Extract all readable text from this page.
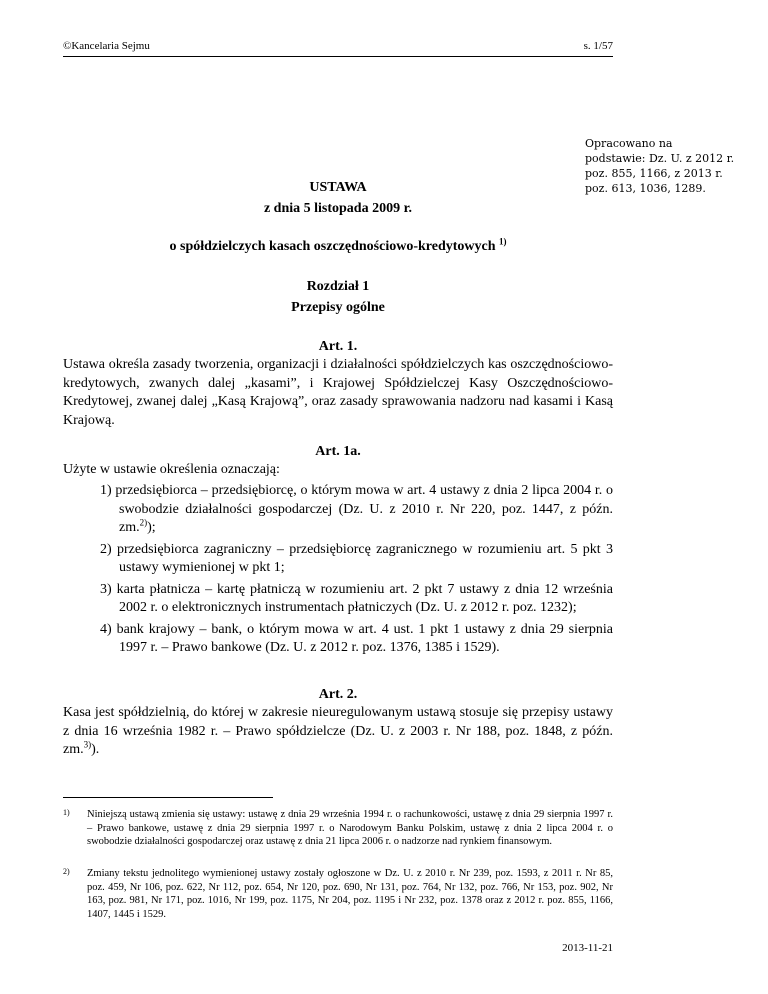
©Kancelaria Sejmu	s. 1/57
Opracowano na podstawie: Dz. U. z 2012 r. poz. 855, 1166, z 2013 r. poz. 613, 1036, 1289.
USTAWA
z dnia 5 listopada 2009 r.
o spółdzielczych kasach oszczędnościowo-kredytowych $^{1)}$
Rozdział 1
Przepisy ogólne
Art. 1.

Ustawa określa zasady tworzenia, organizacji i działalności spółdzielczych kas oszczędnościowo-kredytowych, zwanych dalej „kasami”, i Krajowej Spółdzielczej Kasy Oszczędnościowo-Kredytowej, zwanej dalej „Kasą Krajową”, oraz zasady sprawowania nadzoru nad kasami i Kasą Krajową.

Art. 1a.
Użyte w ustawie określenia oznaczają:
1) przedsiębiorca – przedsiębiorcę, o którym mowa w art. 4 ustawy z dnia 2 lipca 2004 r. o swobodzie działalności gospodarczej (Dz. U. z 2010 r. Nr 220, poz. 1447, z późn. zm.$^{2)}$);
2) przedsiębiorca zagraniczny – przedsiębiorcę zagranicznego w rozumieniu art. 5 pkt 3 ustawy wymienionej w pkt 1;
3) karta płatnicza – kartę płatniczą w rozumieniu art. 2 pkt 7 ustawy z dnia 12 września 2002 r. o elektronicznych instrumentach płatniczych (Dz. U. z 2012 r. poz. 1232);
4) bank krajowy – bank, o którym mowa w art. 4 ust. 1 pkt 1 ustawy z dnia 29 sierpnia 1997 r. – Prawo bankowe (Dz. U. z 2012 r. poz. 1376, 1385 i 1529).
Art. 2.

Kasa jest spółdzielnią, do której w zakresie nieuregulowanym ustawą stosuje się przepisy ustawy z dnia 16 września 1982 r. – Prawo spółdzielcze (Dz. U. z 2003 r. Nr 188, poz. 1848, z późn. zm.$^{3)}$).

1) Niniejszą ustawą zmienia się ustawy: ustawę z dnia 29 września 1994 r. o rachunkowości, ustawę z dnia 29 sierpnia 1997 r. – Prawo bankowe, ustawę z dnia 29 sierpnia 1997 r. o Narodowym Banku Polskim, ustawę z dnia 2 lipca 2004 r. o swobodzie działalności gospodarczej oraz ustawę z dnia 21 lipca 2006 r. o nadzorze nad rynkiem finansowym.
2) Zmiany tekstu jednolitego wymienionej ustawy zostały ogłoszone w Dz. U. z 2010 r. Nr 239, poz. 1593, z 2011 r. Nr 85, poz. 459, Nr 106, poz. 622, Nr 112, poz. 654, Nr 120, poz. 690, Nr 131, poz. 764, Nr 132, poz. 766, Nr 153, poz. 902, Nr 163, poz. 981, Nr 171, poz. 1016, Nr 199, poz. 1175, Nr 204, poz. 1195 i Nr 232, poz. 1378 oraz z 2012 r. poz. 855, 1166, 1407, 1445 i 1529.
2013-11-21
